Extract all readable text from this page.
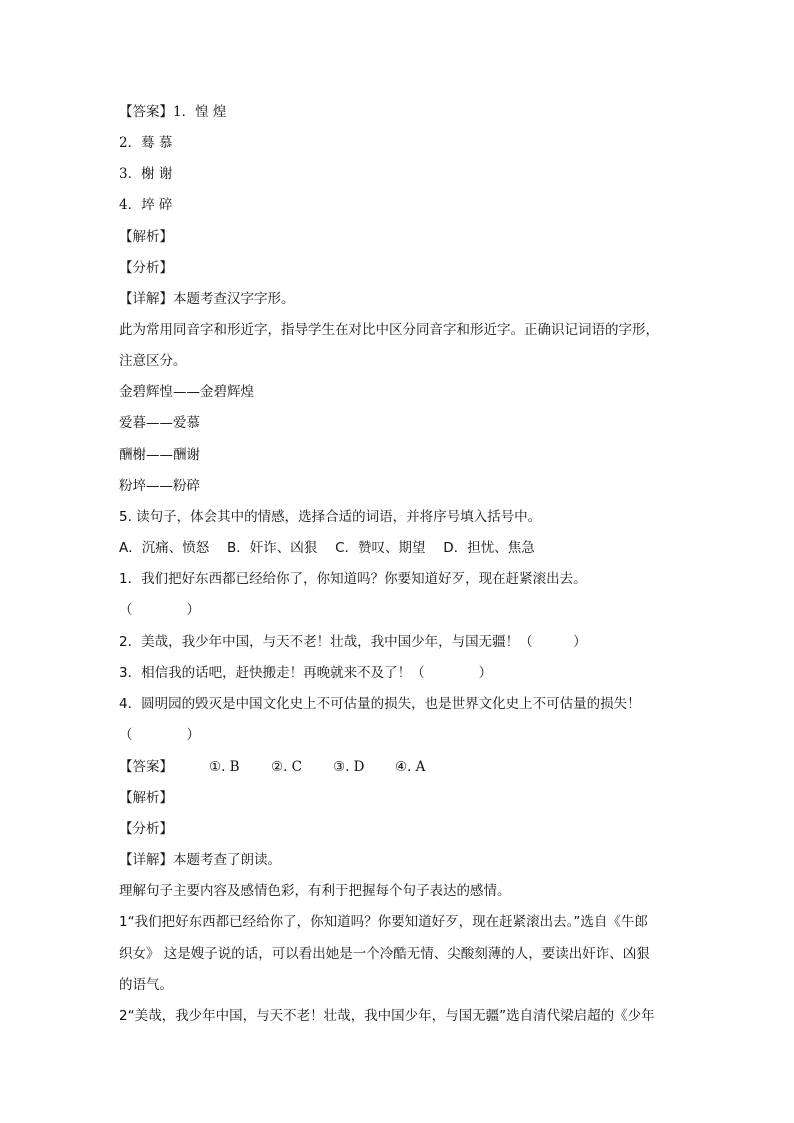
【答案】1．惶 煌
2．蓦 慕
3．榭 谢
4．埣 碎
【解析】
【分析】
【详解】本题考查汉字字形。
此为常用同音字和形近字，指导学生在对比中区分同音字和形近字。正确识记词语的字形，
注意区分。
金碧辉惶——金碧辉煌
爱暮——爱慕
酬榭——酬谢
粉埣——粉碎
5. 读句子，体会其中的情感，选择合适的词语，并将序号填入括号中。
A．沉痛、愤怒　 B．奸诈、凶狠　 C．赞叹、期望　 D．担忧、焦急
1．我们把好东西都已经给你了，你知道吗？你要知道好歹，现在赶紧滚出去。
（　　　　）
2．美哉，我少年中国，与天不老！壮哉，我中国少年，与国无疆！（　　　）
3．相信我的话吧，赶快搬走！再晚就来不及了！（　　　　）
4．圆明园的毁灭是中国文化史上不可估量的损失，也是世界文化史上不可估量的损失！
（　　　　）
【答案】	①. B ②. C ③. D ④. A
【解析】
【分析】
【详解】本题考查了朗读。
理解句子主要内容及感情色彩，有利于把握每个句子表达的感情。
1“我们把好东西都已经给你了，你知道吗？你要知道好歹，现在赶紧滚出去。”选自《牛郎
织女》 这是嫂子说的话，可以看出她是一个冷酷无情、尖酸刻薄的人，要读出奸诈、凶狠
的语气。
2“美哉，我少年中国，与天不老！壮哉，我中国少年，与国无疆”选自清代梁启超的《少年
